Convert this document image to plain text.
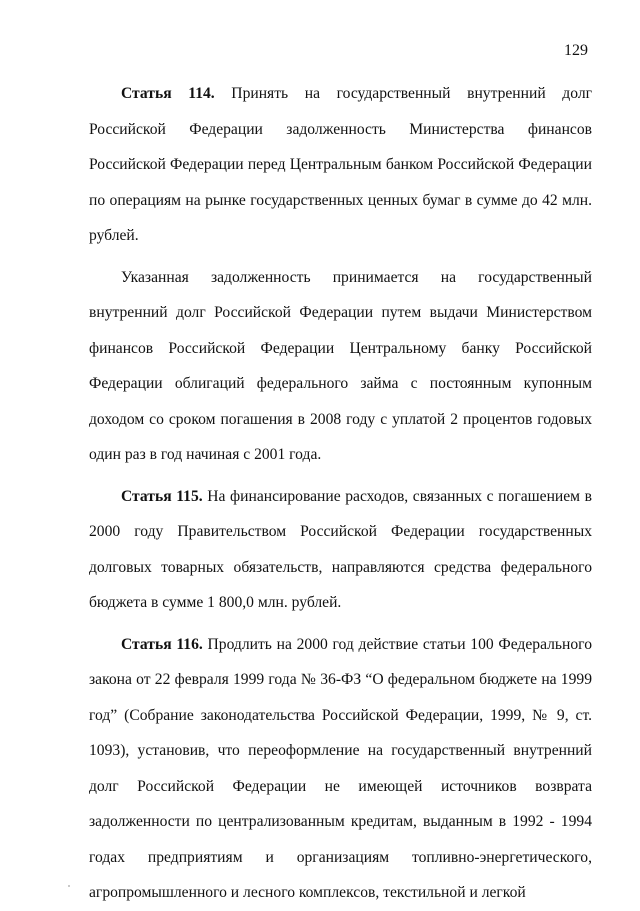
129

Статья 114. Принять на государственный внутренний долг Российской Федерации задолженность Министерства финансов Российской Федерации перед Центральным банком Российской Федерации по операциям на рынке государственных ценных бумаг в сумме до 42 млн. рублей.

Указанная задолженность принимается на государственный внутренний долг Российской Федерации путем выдачи Министерством финансов Российской Федерации Центральному банку Российской Федерации облигаций федерального займа с постоянным купонным доходом со сроком погашения в 2008 году с уплатой 2 процентов годовых один раз в год начиная с 2001 года.

Статья 115. На финансирование расходов, связанных с погашением в 2000 году Правительством Российской Федерации государственных долговых товарных обязательств, направляются средства федерального бюджета в сумме 1 800,0 млн. рублей.

Статья 116. Продлить на 2000 год действие статьи 100 Федерального закона от 22 февраля 1999 года № 36-ФЗ “О федеральном бюджете на 1999 год” (Собрание законодательства Российской Федерации, 1999, № 9, ст. 1093), установив, что переоформление на государственный внутренний долг Российской Федерации не имеющей источников возврата задолженности по централизованным кредитам, выданным в 1992 - 1994 годах предприятиям и организациям топливно-энергетического, агропромышленного и лесного комплексов, текстильной и легкой
